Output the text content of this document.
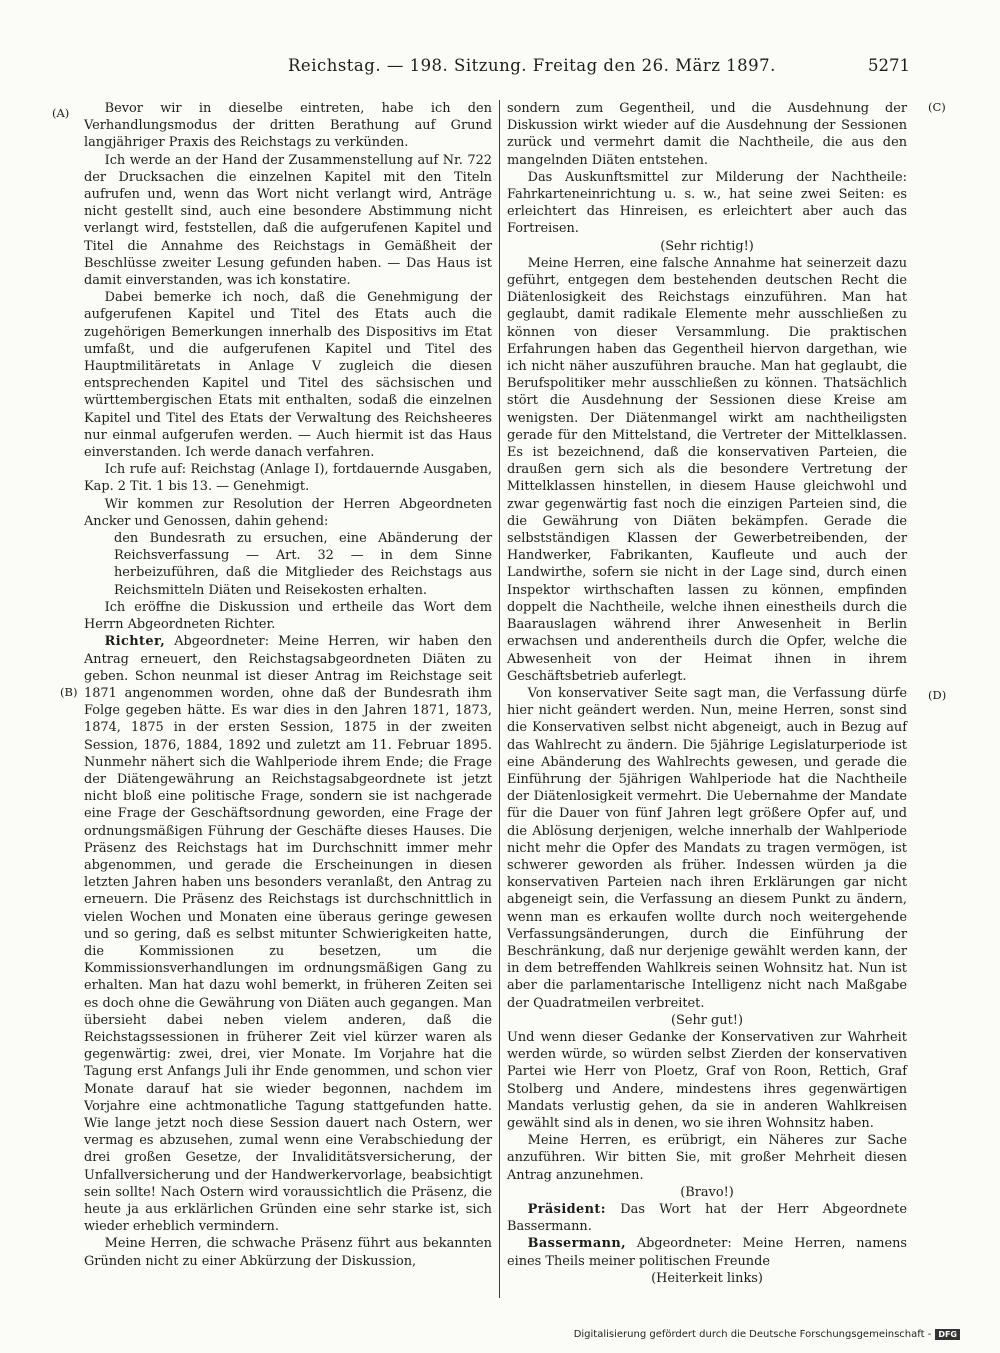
Reichstag. — 198. Sitzung. Freitag den 26. März 1897.	5271
(A)
(B)
(C)
(D)

Bevor wir in dieselbe eintreten, habe ich den Verhandlungsmodus der dritten Berathung auf Grund langjähriger Praxis des Reichstags zu verkünden.

Ich werde an der Hand der Zusammenstellung auf Nr. 722 der Drucksachen die einzelnen Kapitel mit den Titeln aufrufen und, wenn das Wort nicht verlangt wird, Anträge nicht gestellt sind, auch eine besondere Abstimmung nicht verlangt wird, feststellen, daß die aufgerufenen Kapitel und Titel die Annahme des Reichstags in Gemäßheit der Beschlüsse zweiter Lesung gefunden haben. — Das Haus ist damit einverstanden, was ich konstatire.

Dabei bemerke ich noch, daß die Genehmigung der aufgerufenen Kapitel und Titel des Etats auch die zugehörigen Bemerkungen innerhalb des Dispositivs im Etat umfaßt, und die aufgerufenen Kapitel und Titel des Hauptmilitäretats in Anlage V zugleich die diesen entsprechenden Kapitel und Titel des sächsischen und württembergischen Etats mit enthalten, sodaß die einzelnen Kapitel und Titel des Etats der Verwaltung des Reichsheeres nur einmal aufgerufen werden. — Auch hiermit ist das Haus einverstanden. Ich werde danach verfahren.

Ich rufe auf: Reichstag (Anlage I), fortdauernde Ausgaben, Kap. 2 Tit. 1 bis 13. — Genehmigt.

Wir kommen zur Resolution der Herren Abgeordneten Ancker und Genossen, dahin gehend:

den Bundesrath zu ersuchen, eine Abänderung der Reichsverfassung — Art. 32 — in dem Sinne herbeizuführen, daß die Mitglieder des Reichstags aus Reichsmitteln Diäten und Reisekosten erhalten.

Ich eröffne die Diskussion und ertheile das Wort dem Herrn Abgeordneten Richter.

Richter, Abgeordneter: Meine Herren, wir haben den Antrag erneuert, den Reichstagsabgeordneten Diäten zu geben. Schon neunmal ist dieser Antrag im Reichstage seit 1871 angenommen worden, ohne daß der Bundesrath ihm Folge gegeben hätte. Es war dies in den Jahren 1871, 1873, 1874, 1875 in der ersten Session, 1875 in der zweiten Session, 1876, 1884, 1892 und zuletzt am 11. Februar 1895. Nunmehr nähert sich die Wahlperiode ihrem Ende; die Frage der Diätengewährung an Reichstagsabgeordnete ist jetzt nicht bloß eine politische Frage, sondern sie ist nachgerade eine Frage der Geschäftsordnung geworden, eine Frage der ordnungsmäßigen Führung der Geschäfte dieses Hauses. Die Präsenz des Reichstags hat im Durchschnitt immer mehr abgenommen, und gerade die Erscheinungen in diesen letzten Jahren haben uns besonders veranlaßt, den Antrag zu erneuern. Die Präsenz des Reichstags ist durchschnittlich in vielen Wochen und Monaten eine überaus geringe gewesen und so gering, daß es selbst mitunter Schwierigkeiten hatte, die Kommissionen zu besetzen, um die Kommissionsverhandlungen im ordnungsmäßigen Gang zu erhalten. Man hat dazu wohl bemerkt, in früheren Zeiten sei es doch ohne die Gewährung von Diäten auch gegangen. Man übersieht dabei neben vielem anderen, daß die Reichstagssessionen in früherer Zeit viel kürzer waren als gegenwärtig: zwei, drei, vier Monate. Im Vorjahre hat die Tagung erst Anfangs Juli ihr Ende genommen, und schon vier Monate darauf hat sie wieder begonnen, nachdem im Vorjahre eine achtmonatliche Tagung stattgefunden hatte. Wie lange jetzt noch diese Session dauert nach Ostern, wer vermag es abzusehen, zumal wenn eine Verabschiedung der drei großen Gesetze, der Invaliditätsversicherung, der Unfallversicherung und der Handwerkervorlage, beabsichtigt sein sollte! Nach Ostern wird voraussichtlich die Präsenz, die heute ja aus erklärlichen Gründen eine sehr starke ist, sich wieder erheblich vermindern.

Meine Herren, die schwache Präsenz führt aus bekannten Gründen nicht zu einer Abkürzung der Diskussion,

sondern zum Gegentheil, und die Ausdehnung der Diskussion wirkt wieder auf die Ausdehnung der Sessionen zurück und vermehrt damit die Nachtheile, die aus den mangelnden Diäten entstehen.

Das Auskunftsmittel zur Milderung der Nachtheile: Fahrkarteneinrichtung u. s. w., hat seine zwei Seiten: es erleichtert das Hinreisen, es erleichtert aber auch das Fortreisen.

(Sehr richtig!)

Meine Herren, eine falsche Annahme hat seinerzeit dazu geführt, entgegen dem bestehenden deutschen Recht die Diätenlosigkeit des Reichstags einzuführen. Man hat geglaubt, damit radikale Elemente mehr ausschließen zu können von dieser Versammlung. Die praktischen Erfahrungen haben das Gegentheil hiervon dargethan, wie ich nicht näher auszuführen brauche. Man hat geglaubt, die Berufspolitiker mehr ausschließen zu können. Thatsächlich stört die Ausdehnung der Sessionen diese Kreise am wenigsten. Der Diätenmangel wirkt am nachtheiligsten gerade für den Mittelstand, die Vertreter der Mittelklassen. Es ist bezeichnend, daß die konservativen Parteien, die draußen gern sich als die besondere Vertretung der Mittelklassen hinstellen, in diesem Hause gleichwohl und zwar gegenwärtig fast noch die einzigen Parteien sind, die die Gewährung von Diäten bekämpfen. Gerade die selbstständigen Klassen der Gewerbetreibenden, der Handwerker, Fabrikanten, Kaufleute und auch der Landwirthe, sofern sie nicht in der Lage sind, durch einen Inspektor wirthschaften lassen zu können, empfinden doppelt die Nachtheile, welche ihnen einestheils durch die Baarauslagen während ihrer Anwesenheit in Berlin erwachsen und anderentheils durch die Opfer, welche die Abwesenheit von der Heimat ihnen in ihrem Geschäftsbetrieb auferlegt.

Von konservativer Seite sagt man, die Verfassung dürfe hier nicht geändert werden. Nun, meine Herren, sonst sind die Konservativen selbst nicht abgeneigt, auch in Bezug auf das Wahlrecht zu ändern. Die 5jährige Legislaturperiode ist eine Abänderung des Wahlrechts gewesen, und gerade die Einführung der 5jährigen Wahlperiode hat die Nachtheile der Diätenlosigkeit vermehrt. Die Uebernahme der Mandate für die Dauer von fünf Jahren legt größere Opfer auf, und die Ablösung derjenigen, welche innerhalb der Wahlperiode nicht mehr die Opfer des Mandats zu tragen vermögen, ist schwerer geworden als früher. Indessen würden ja die konservativen Parteien nach ihren Erklärungen gar nicht abgeneigt sein, die Verfassung an diesem Punkt zu ändern, wenn man es erkaufen wollte durch noch weitergehende Verfassungsänderungen, durch die Einführung der Beschränkung, daß nur derjenige gewählt werden kann, der in dem betreffenden Wahlkreis seinen Wohnsitz hat. Nun ist aber die parlamentarische Intelligenz nicht nach Maßgabe der Quadratmeilen verbreitet.

(Sehr gut!)

Und wenn dieser Gedanke der Konservativen zur Wahrheit werden würde, so würden selbst Zierden der konservativen Partei wie Herr von Ploetz, Graf von Roon, Rettich, Graf Stolberg und Andere, mindestens ihres gegenwärtigen Mandats verlustig gehen, da sie in anderen Wahlkreisen gewählt sind als in denen, wo sie ihren Wohnsitz haben.

Meine Herren, es erübrigt, ein Näheres zur Sache anzuführen. Wir bitten Sie, mit großer Mehrheit diesen Antrag anzunehmen.

(Bravo!)

Präsident: Das Wort hat der Herr Abgeordnete Bassermann.

Bassermann, Abgeordneter: Meine Herren, namens eines Theils meiner politischen Freunde

(Heiterkeit links)

Digitalisierung gefördert durch die Deutsche Forschungsgemeinschaft - DFG
